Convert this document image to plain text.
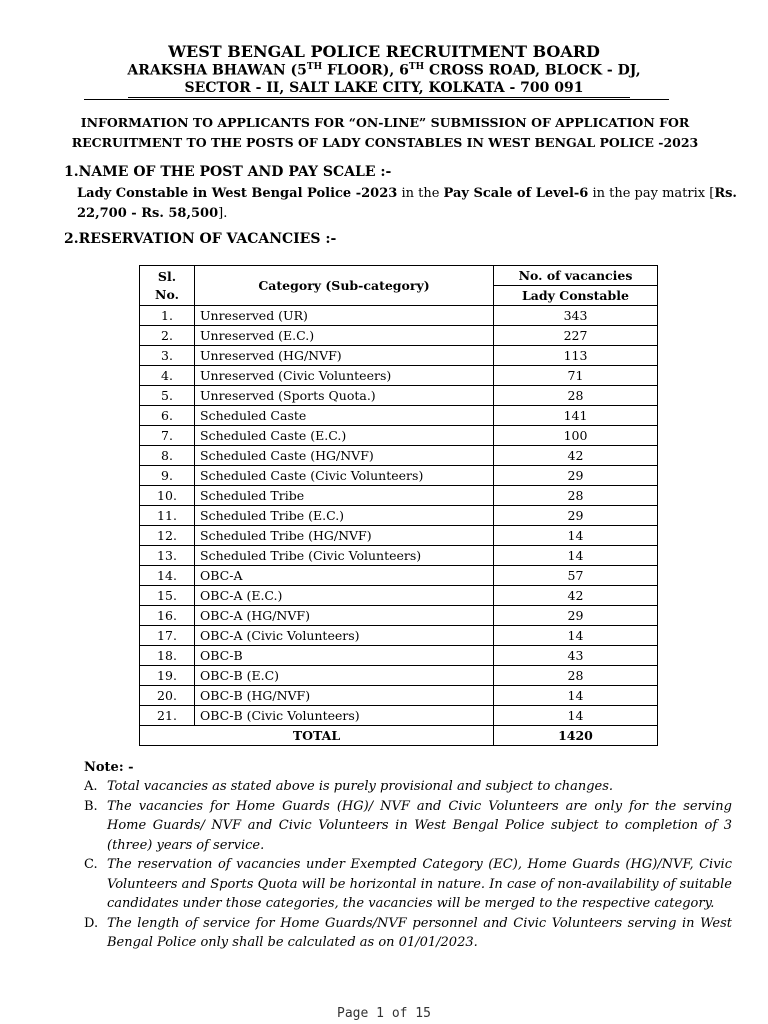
WEST BENGAL POLICE RECRUITMENT BOARD
ARAKSHA BHAWAN (5TH FLOOR), 6TH CROSS ROAD, BLOCK - DJ,
SECTOR - II, SALT LAKE CITY, KOLKATA - 700 091
INFORMATION TO APPLICANTS FOR “ON-LINE” SUBMISSION OF APPLICATION FOR
RECRUITMENT TO THE POSTS OF LADY CONSTABLES IN WEST BENGAL POLICE -2023
1.NAME OF THE POST AND PAY SCALE :-
Lady Constable in West Bengal Police -2023 in the Pay Scale of Level-6 in the pay matrix [Rs. 22,700 - Rs. 58,500].
2.RESERVATION OF VACANCIES :-
Sl. No.	Category (Sub-category)	No. of vacancies
		Lady Constable
1.	Unreserved (UR)	343
2.	Unreserved (E.C.)	227
3.	Unreserved (HG/NVF)	113
4.	Unreserved (Civic Volunteers)	71
5.	Unreserved (Sports Quota.)	28
6.	Scheduled Caste	141
7.	Scheduled Caste (E.C.)	100
8.	Scheduled Caste (HG/NVF)	42
9.	Scheduled Caste (Civic Volunteers)	29
10.	Scheduled Tribe	28
11.	Scheduled Tribe (E.C.)	29
12.	Scheduled Tribe (HG/NVF)	14
13.	Scheduled Tribe (Civic Volunteers)	14
14.	OBC-A	57
15.	OBC-A (E.C.)	42
16.	OBC-A (HG/NVF)	29
17.	OBC-A (Civic Volunteers)	14
18.	OBC-B	43
19.	OBC-B (E.C)	28
20.	OBC-B (HG/NVF)	14
21.	OBC-B (Civic Volunteers)	14
TOTAL		1420
Note: -
A. Total vacancies as stated above is purely provisional and subject to changes.
B. The vacancies for Home Guards (HG)/ NVF and Civic Volunteers are only for the serving Home Guards/ NVF and Civic Volunteers in West Bengal Police subject to completion of 3 (three) years of service.
C. The reservation of vacancies under Exempted Category (EC), Home Guards (HG)/NVF, Civic Volunteers and Sports Quota will be horizontal in nature. In case of non-availability of suitable candidates under those categories, the vacancies will be merged to the respective category.
D. The length of service for Home Guards/NVF personnel and Civic Volunteers serving in West Bengal Police only shall be calculated as on 01/01/2023.
Page 1 of 15
